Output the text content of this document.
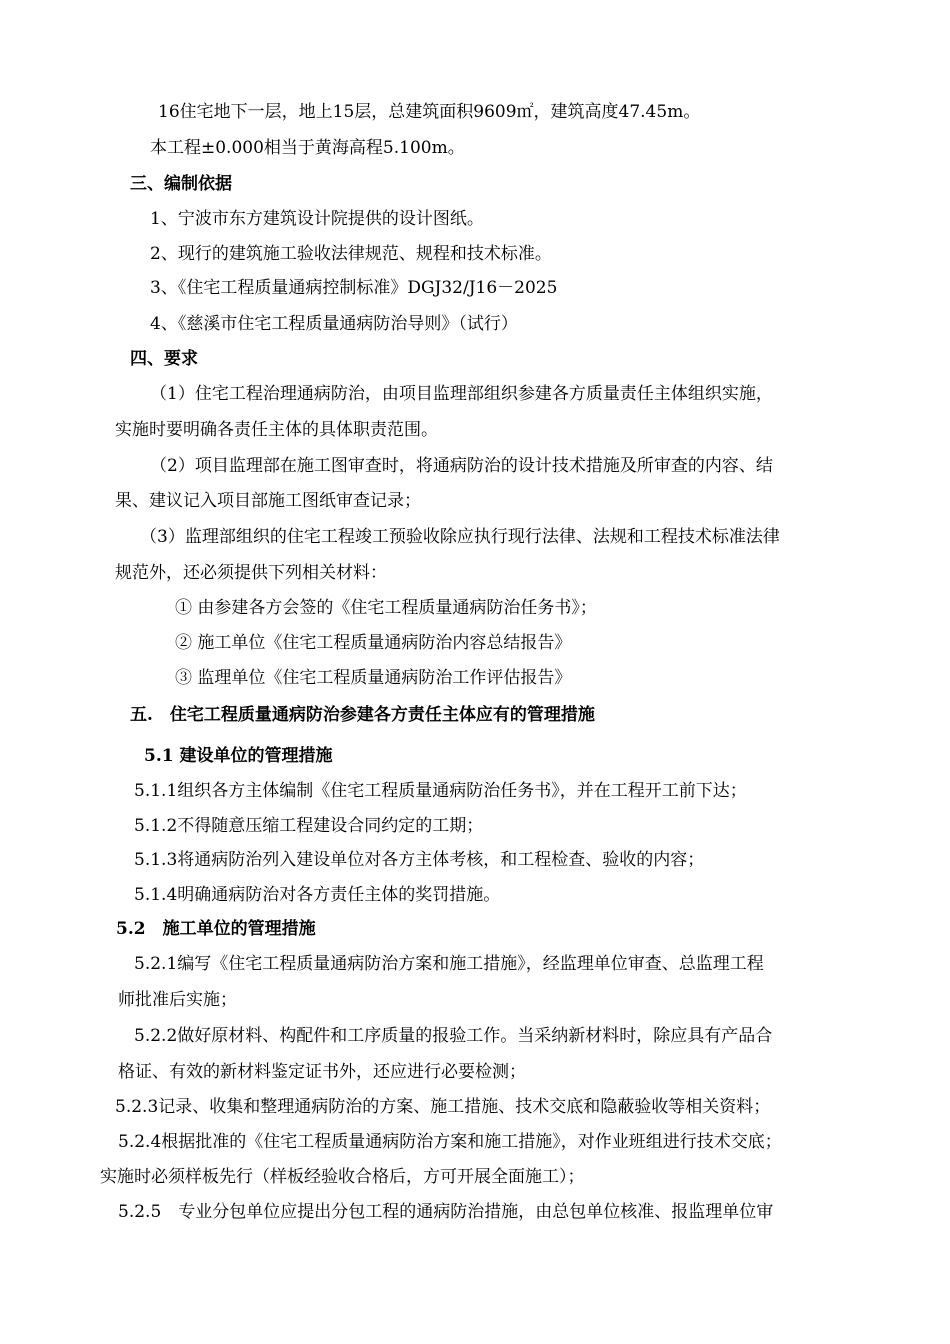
16住宅地下一层，地上15层，总建筑面积9609㎡，建筑高度47.45m。
本工程±0.000相当于黄海高程5.100m。
三、编制依据
1、宁波市东方建筑设计院提供的设计图纸。
2、现行的建筑施工验收法律规范、规程和技术标准。
3、《住宅工程质量通病控制标准》DGJ32/J16－2025
4、《慈溪市住宅工程质量通病防治导则》（试行）
四、要求
（1）住宅工程治理通病防治，由项目监理部组织参建各方质量责任主体组织实施，
实施时要明确各责任主体的具体职责范围。
（2）项目监理部在施工图审查时，将通病防治的设计技术措施及所审查的内容、结
果、建议记入项目部施工图纸审查记录；
（3）监理部组织的住宅工程竣工预验收除应执行现行法律、法规和工程技术标准法律
规范外，还必须提供下列相关材料：
① 由参建各方会签的《住宅工程质量通病防治任务书》；
② 施工单位《住宅工程质量通病防治内容总结报告》
③ 监理单位《住宅工程质量通病防治工作评估报告》
五.　住宅工程质量通病防治参建各方责任主体应有的管理措施
5.1 建设单位的管理措施
5.1.1组织各方主体编制《住宅工程质量通病防治任务书》，并在工程开工前下达；
5.1.2不得随意压缩工程建设合同约定的工期；
5.1.3将通病防治列入建设单位对各方主体考核，和工程检查、验收的内容；
5.1.4明确通病防治对各方责任主体的奖罚措施。
5.2　施工单位的管理措施
5.2.1编写《住宅工程质量通病防治方案和施工措施》，经监理单位审查、总监理工程
师批准后实施；
5.2.2做好原材料、构配件和工序质量的报验工作。当采纳新材料时，除应具有产品合
格证、有效的新材料鉴定证书外，还应进行必要检测；
5.2.3记录、收集和整理通病防治的方案、施工措施、技术交底和隐蔽验收等相关资料；
5.2.4根据批准的《住宅工程质量通病防治方案和施工措施》，对作业班组进行技术交底；
实施时必须样板先行（样板经验收合格后，方可开展全面施工）；
5.2.5　专业分包单位应提出分包工程的通病防治措施，由总包单位核准、报监理单位审
